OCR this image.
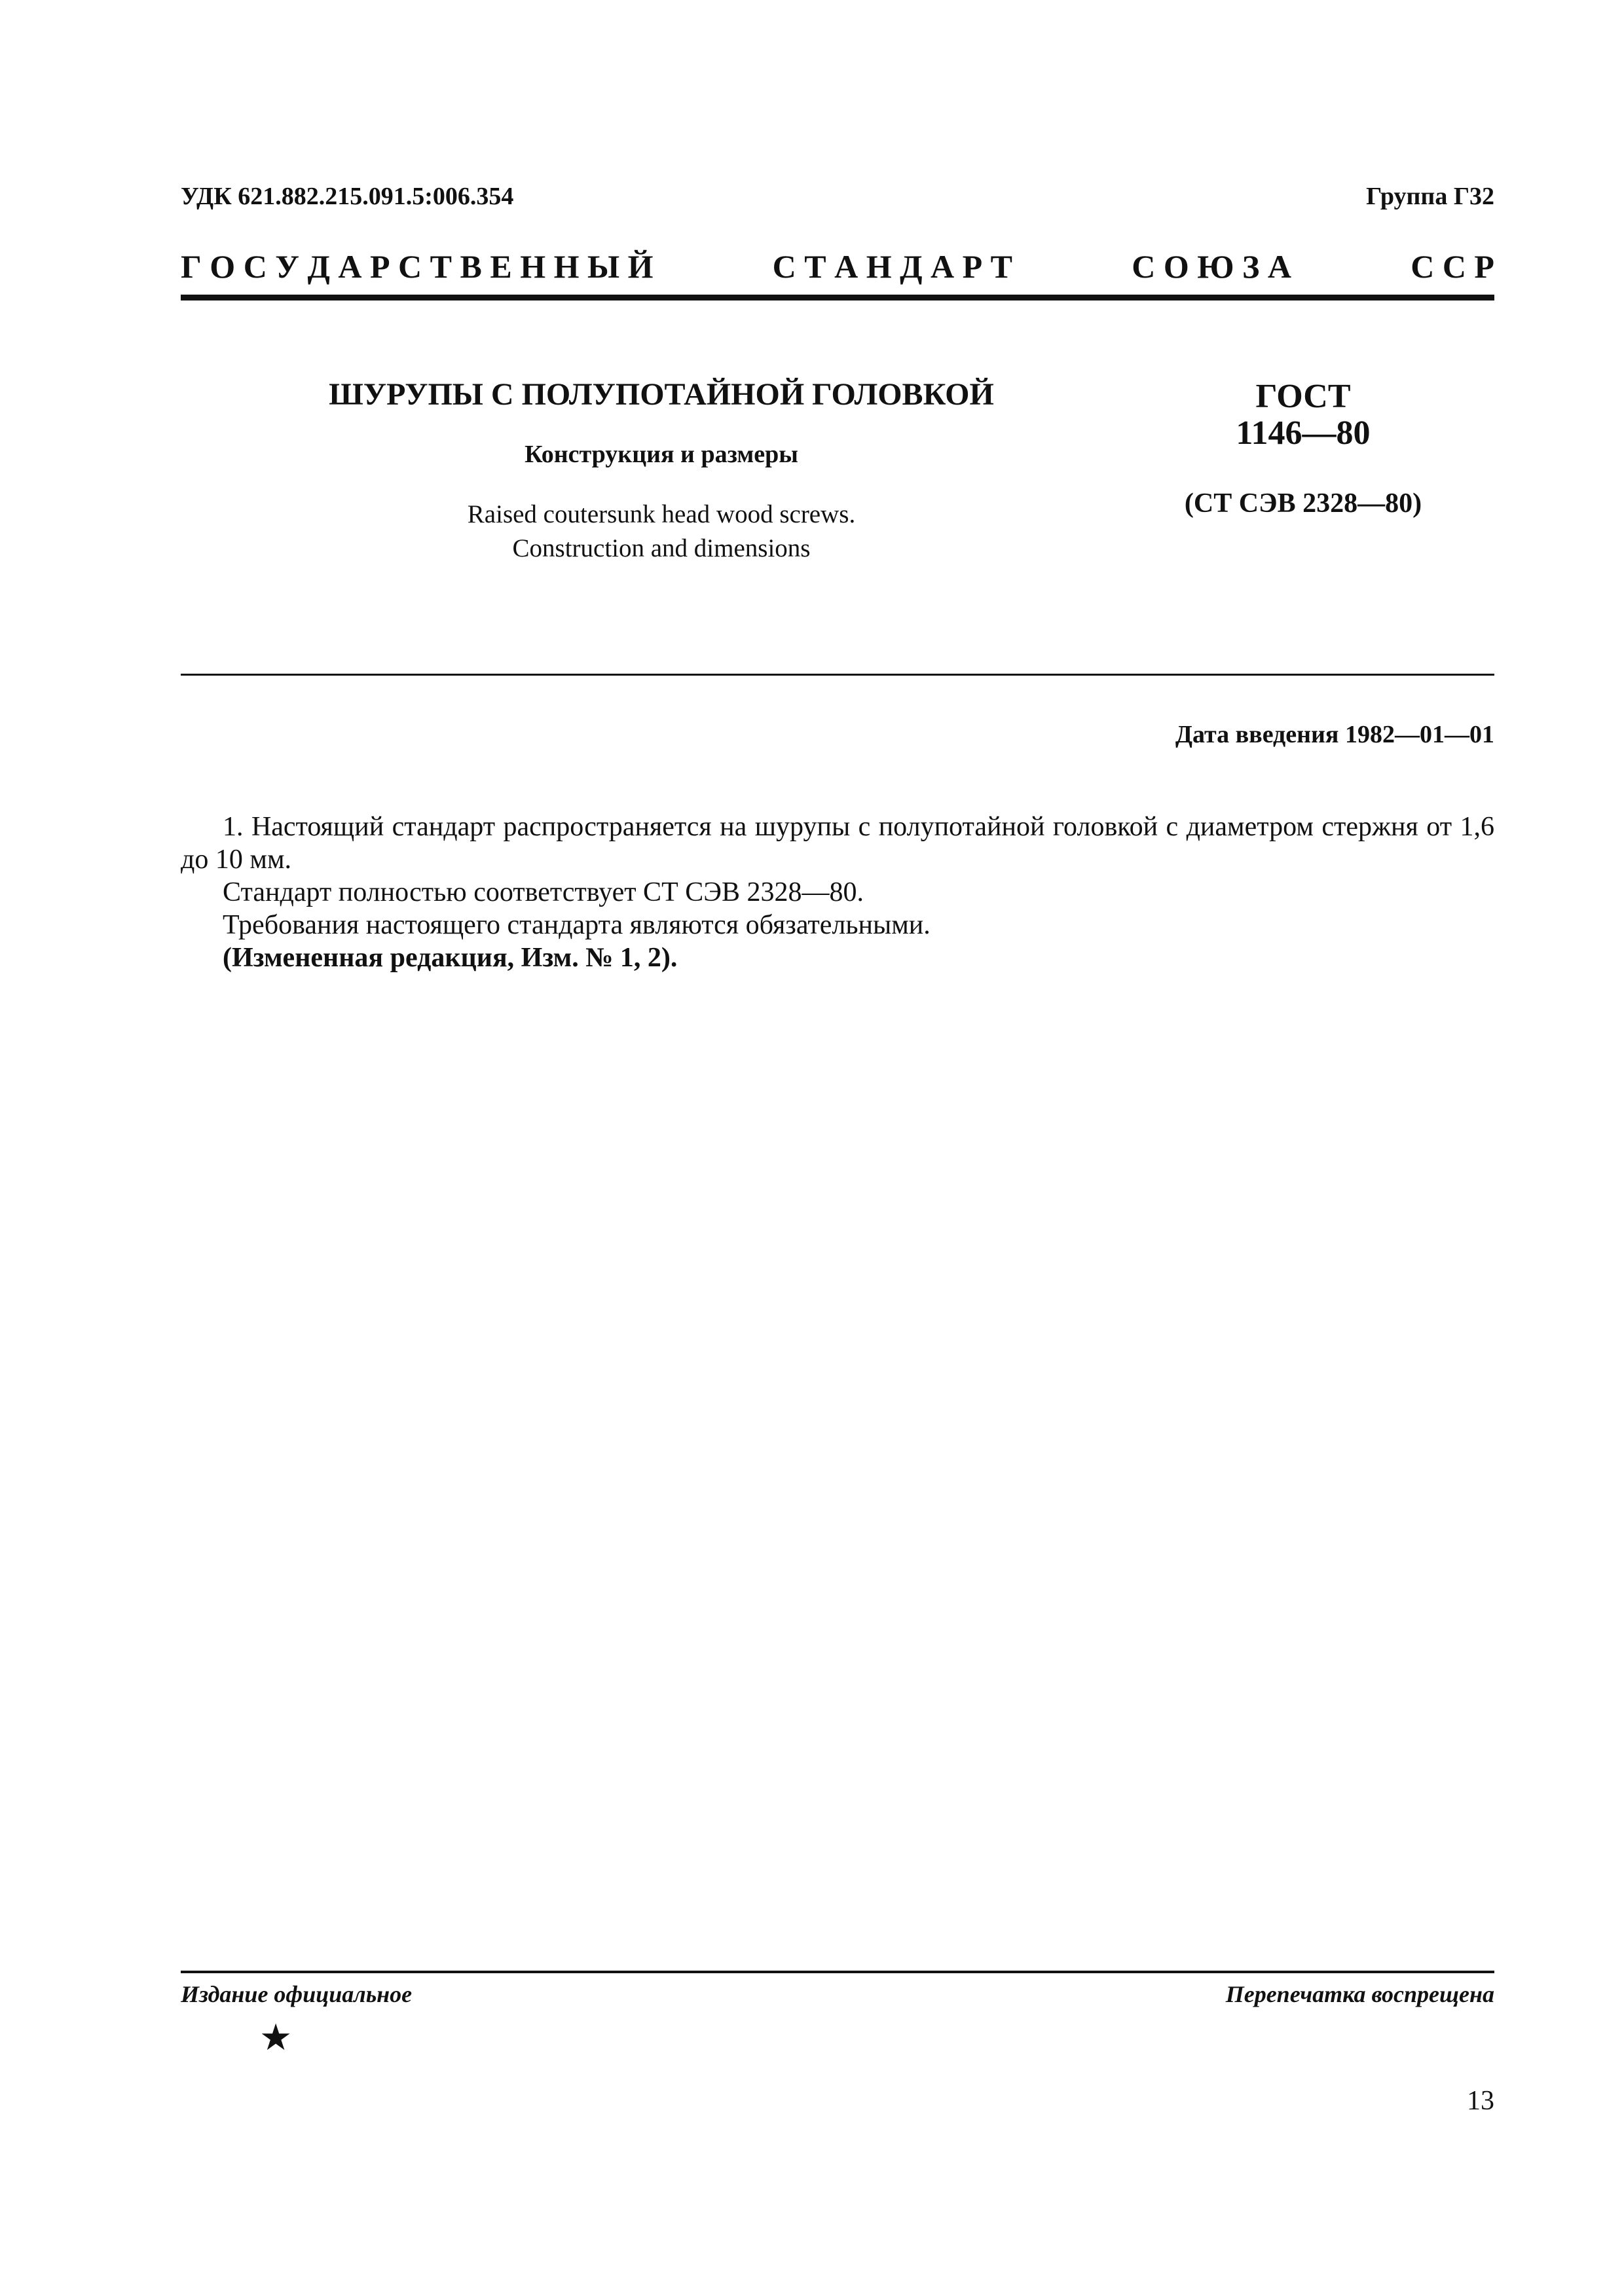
УДК 621.882.215.091.5:006.354	Группа Г32
Г О С У Д А Р С Т В Е Н Н Ы Й	С Т А Н Д А Р Т	С О Ю З А	С С Р
ШУРУПЫ С ПОЛУПОТАЙНОЙ ГОЛОВКОЙ
Конструкция и размеры
Raised coutersunk head wood screws.
Construction and dimensions
ГОСТ
1146—80
(СТ СЭВ 2328—80)
Дата введения 1982—01—01

1. Настоящий стандарт распространяется на шурупы с полупотайной головкой с диаметром стержня от 1,6 до 10 мм.

Стандарт полностью соответствует СТ СЭВ 2328—80.

Требования настоящего стандарта являются обязательными.

(Измененная редакция, Изм. № 1, 2).

Издание официальное	Перепечатка воспрещена
★
13
